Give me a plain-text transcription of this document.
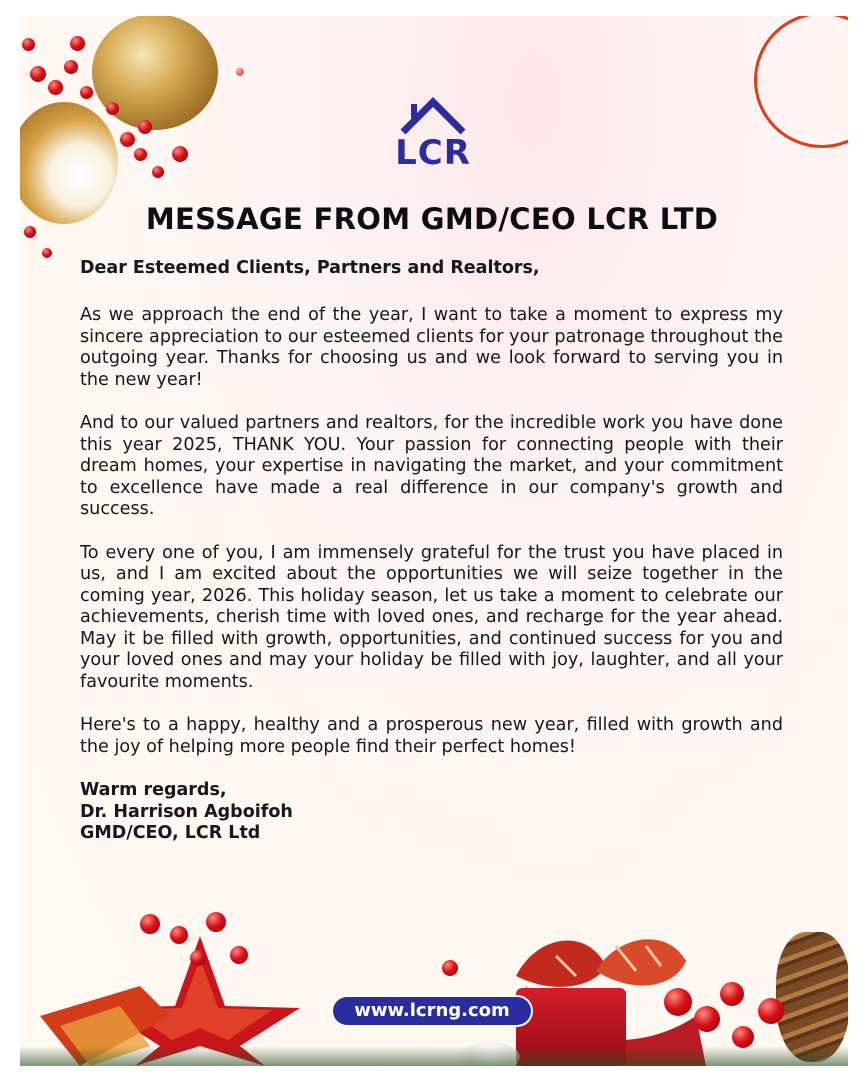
LCR
MESSAGE FROM GMD/CEO LCR LTD
Dear Esteemed Clients, Partners and Realtors,

As we approach the end of the year, I want to take a moment to express my sincere appreciation to our esteemed clients for your patronage throughout the outgoing year. Thanks for choosing us and we look forward to serving you in the new year!

And to our valued partners and realtors, for the incredible work you have done this year 2025, THANK YOU. Your passion for connecting people with their dream homes, your expertise in navigating the market, and your commitment to excellence have made a real difference in our company's growth and success.

To every one of you, I am immensely grateful for the trust you have placed in us, and I am excited about the opportunities we will seize together in the coming year, 2026. This holiday season, let us take a moment to celebrate our achievements, cherish time with loved ones, and recharge for the year ahead. May it be filled with growth, opportunities, and continued success for you and your loved ones and may your holiday be filled with joy, laughter, and all your favourite moments.

Here's to a happy, healthy and a prosperous new year, filled with growth and the joy of helping more people find their perfect homes!

Warm regards,
Dr. Harrison Agboifoh
GMD/CEO, LCR Ltd
www.lcrng.com
